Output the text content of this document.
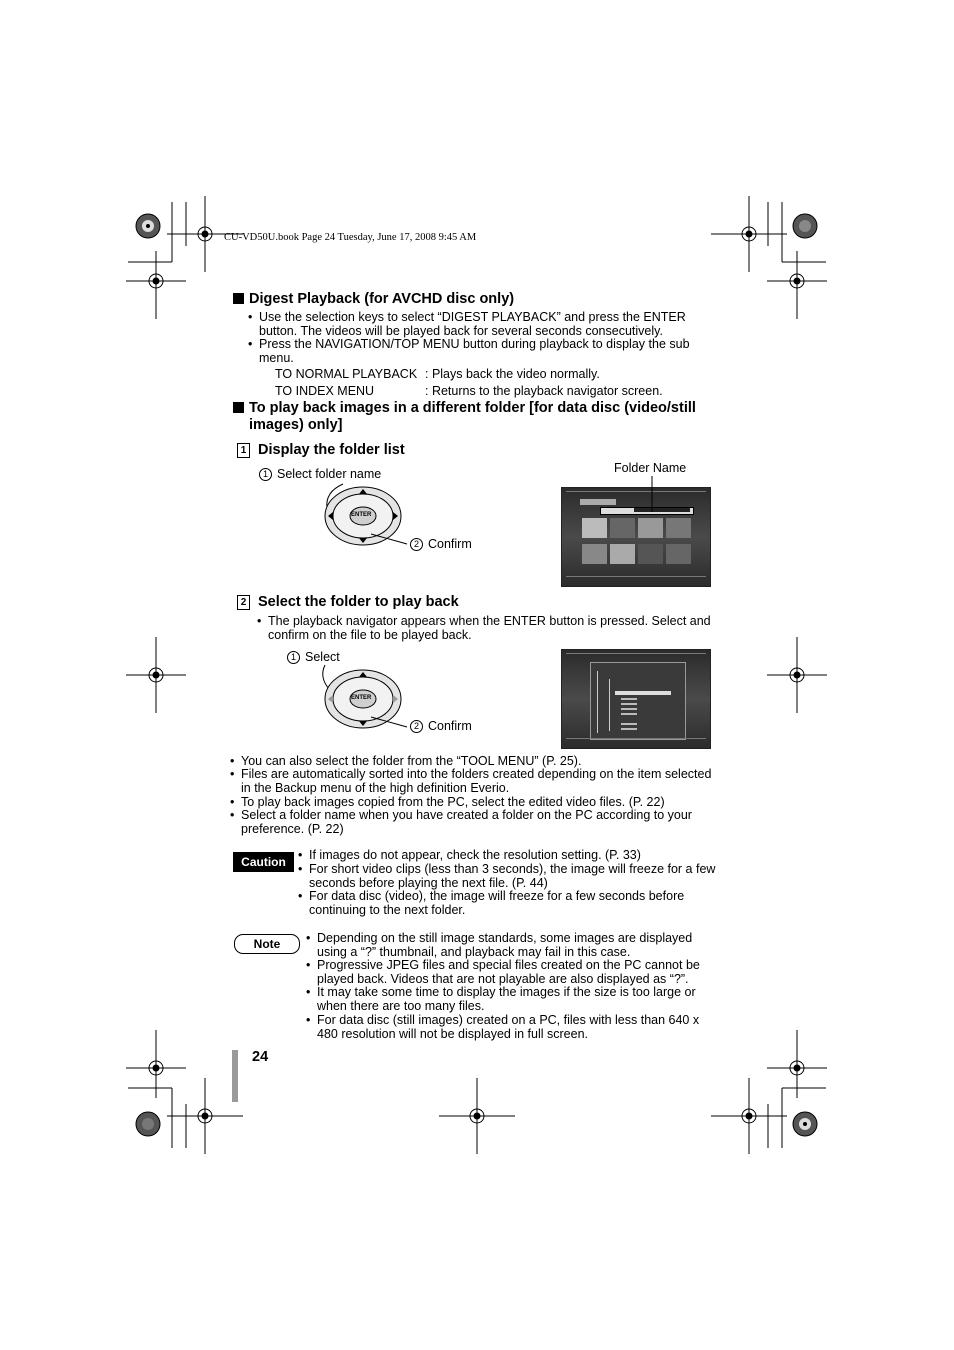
CU-VD50U.book Page 24 Tuesday, June 17, 2008 9:45 AM
Digest Playback (for AVCHD disc only)
• Use the selection keys to select “DIGEST PLAYBACK” and press the ENTER
button. The videos will be played back for several seconds consecutively.
• Press the NAVIGATION/TOP MENU button during playback to display the sub
menu.
TO NORMAL PLAYBACK : Plays back the video normally.
TO INDEX MENU	: Returns to the playback navigator screen.
To play back images in a different folder [for data disc (video/still
images) only]
1 Display the folder list
1 Select folder name	Folder Name
ENTER
2 Confirm
2 Select the folder to play back
• The playback navigator appears when the ENTER button is pressed. Select and
confirm on the file to be played back.
1 Select
ENTER
2 Confirm
• You can also select the folder from the “TOOL MENU” (P. 25).
• Files are automatically sorted into the folders created depending on the item selected
in the Backup menu of the high definition Everio.
• To play back images copied from the PC, select the edited video files. (P. 22)
• Select a folder name when you have created a folder on the PC according to your
preference. (P. 22)
Caution • If images do not appear, check the resolution setting. (P. 33)
• For short video clips (less than 3 seconds), the image will freeze for a few
seconds before playing the next file. (P. 44)
• For data disc (video), the image will freeze for a few seconds before
continuing to the next folder.
Note	• Depending on the still image standards, some images are displayed
using a “?” thumbnail, and playback may fail in this case.
• Progressive JPEG files and special files created on the PC cannot be
played back. Videos that are not playable are also displayed as “?”.
• It may take some time to display the images if the size is too large or
when there are too many files.
• For data disc (still images) created on a PC, files with less than 640 x
480 resolution will not be displayed in full screen.
24
